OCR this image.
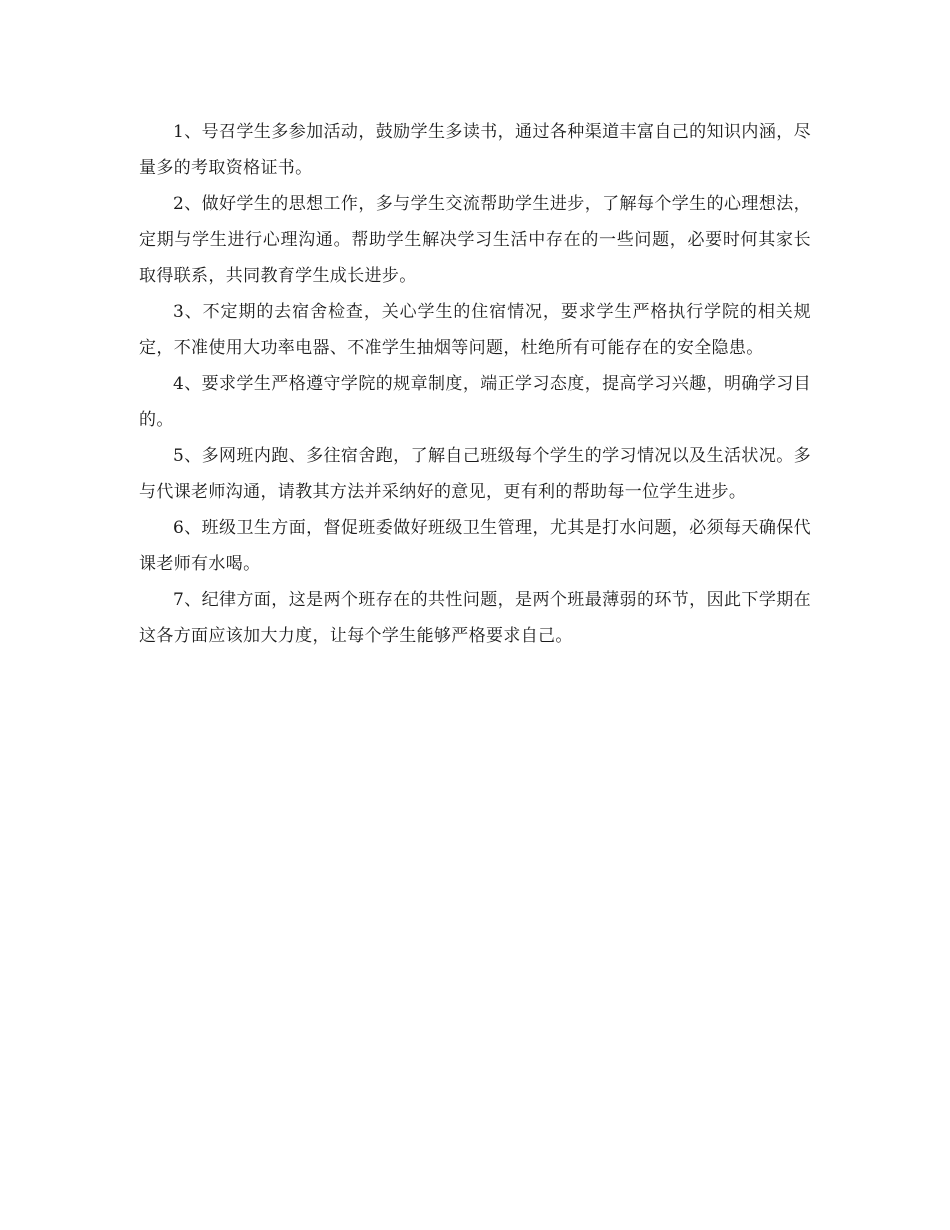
1、号召学生多参加活动，鼓励学生多读书，通过各种渠道丰富自己的知识内涵，尽量多的考取资格证书。

2、做好学生的思想工作，多与学生交流帮助学生进步，了解每个学生的心理想法，定期与学生进行心理沟通。帮助学生解决学习生活中存在的一些问题，必要时何其家长取得联系，共同教育学生成长进步。

3、不定期的去宿舍检查，关心学生的住宿情况，要求学生严格执行学院的相关规定，不准使用大功率电器、不准学生抽烟等问题，杜绝所有可能存在的安全隐患。

4、要求学生严格遵守学院的规章制度，端正学习态度，提高学习兴趣，明确学习目的。

5、多网班内跑、多往宿舍跑，了解自己班级每个学生的学习情况以及生活状况。多与代课老师沟通，请教其方法并采纳好的意见，更有利的帮助每一位学生进步。

6、班级卫生方面，督促班委做好班级卫生管理，尤其是打水问题，必须每天确保代课老师有水喝。

7、纪律方面，这是两个班存在的共性问题，是两个班最薄弱的环节，因此下学期在这各方面应该加大力度，让每个学生能够严格要求自己。
